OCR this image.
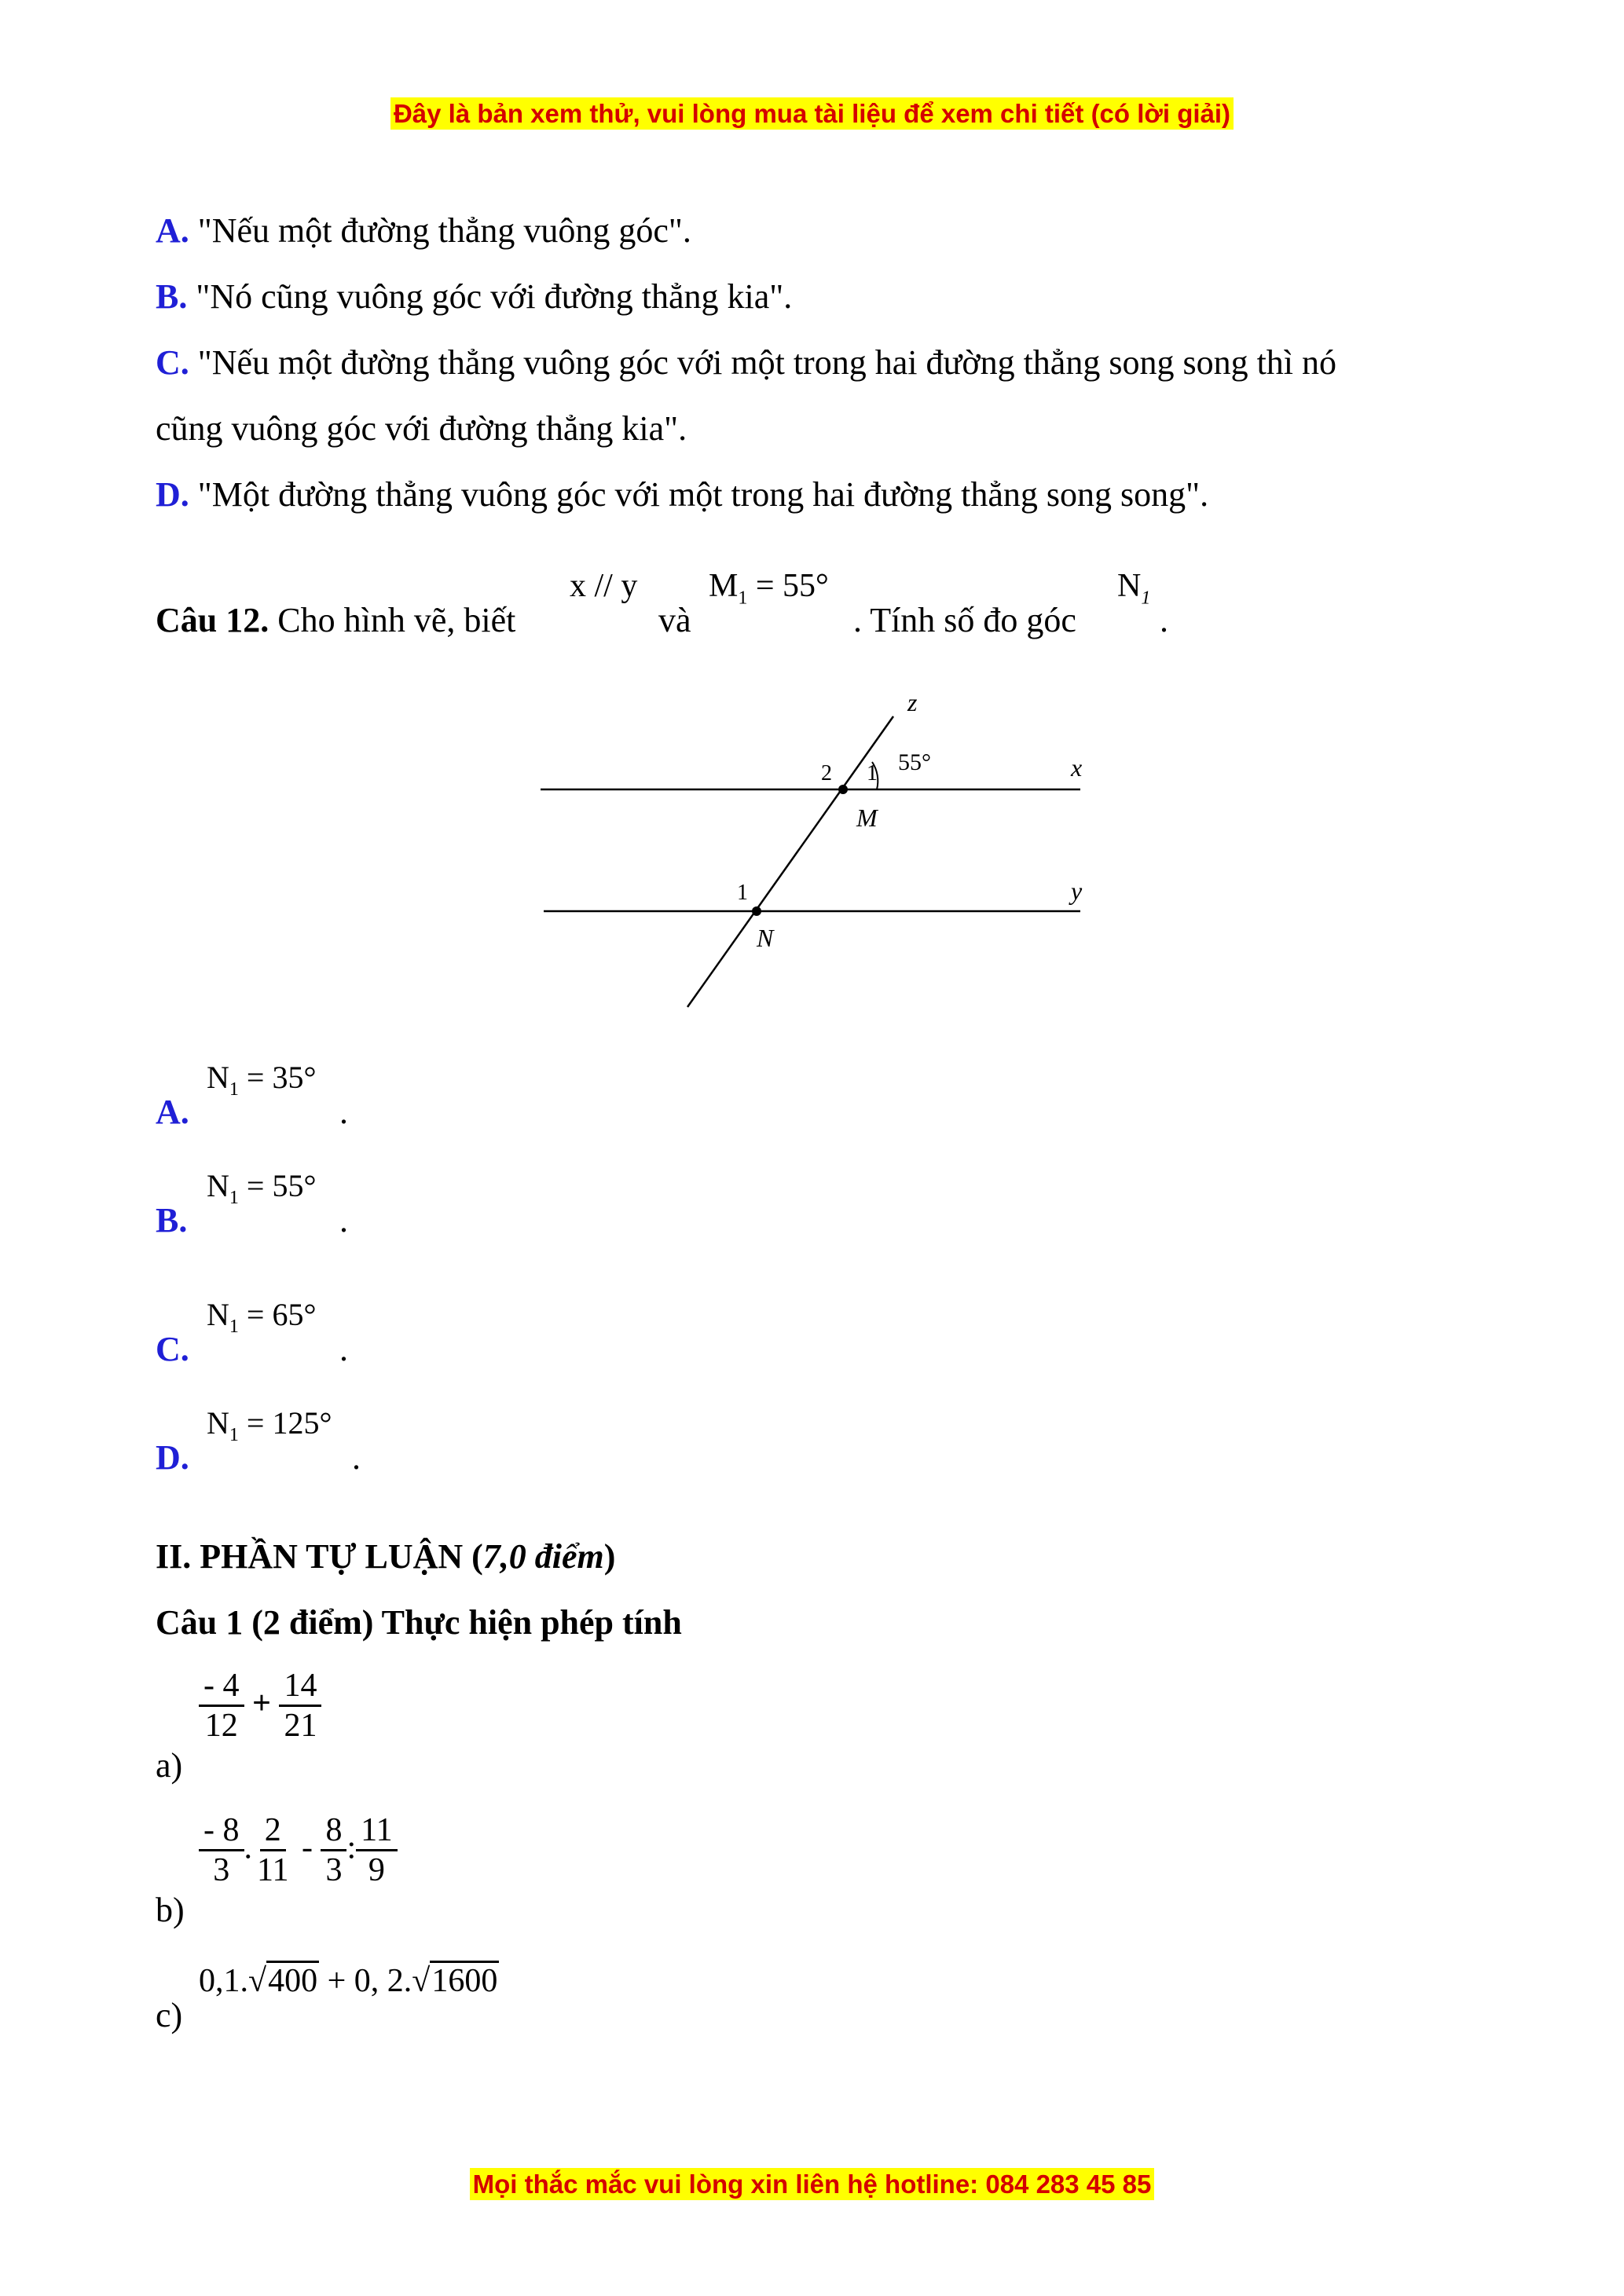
Đây là bản xem thử, vui lòng mua tài liệu để xem chi tiết (có lời giải)
A. "Nếu một đường thẳng vuông góc".
B. "Nó cũng vuông góc với đường thẳng kia".
C. "Nếu một đường thẳng vuông góc với một trong hai đường thẳng song song thì nó
cũng vuông góc với đường thẳng kia".
D. "Một đường thẳng vuông góc với một trong hai đường thẳng song song".
Câu 12. Cho hình vẽ, biết
x // y
và
$M_1 = 55^\circ$
. Tính số đo góc
$N_1$
.
z
x
y
M
N
55°
2 1
1
A.
$N_1 = 35^\circ$
.
B.
$N_1 = 55^\circ$
.
C.
$N_1 = 65^\circ$
.
D.
$N_1 = 125^\circ$
.
II. PHẦN TỰ LUẬN (7,0 điểm)
Câu 1 (2 điểm) Thực hiện phép tính
$\frac{- 4}{12} + \frac{14}{21}$
a)
$\frac{- 8}{3}$ . $\frac{2}{11} - \frac{8}{3}$ : $\frac{11}{9}$
b)
0,1.√400 + 0, 2.√1600
c)
Mọi thắc mắc vui lòng xin liên hệ hotline: 084 283 45 85
